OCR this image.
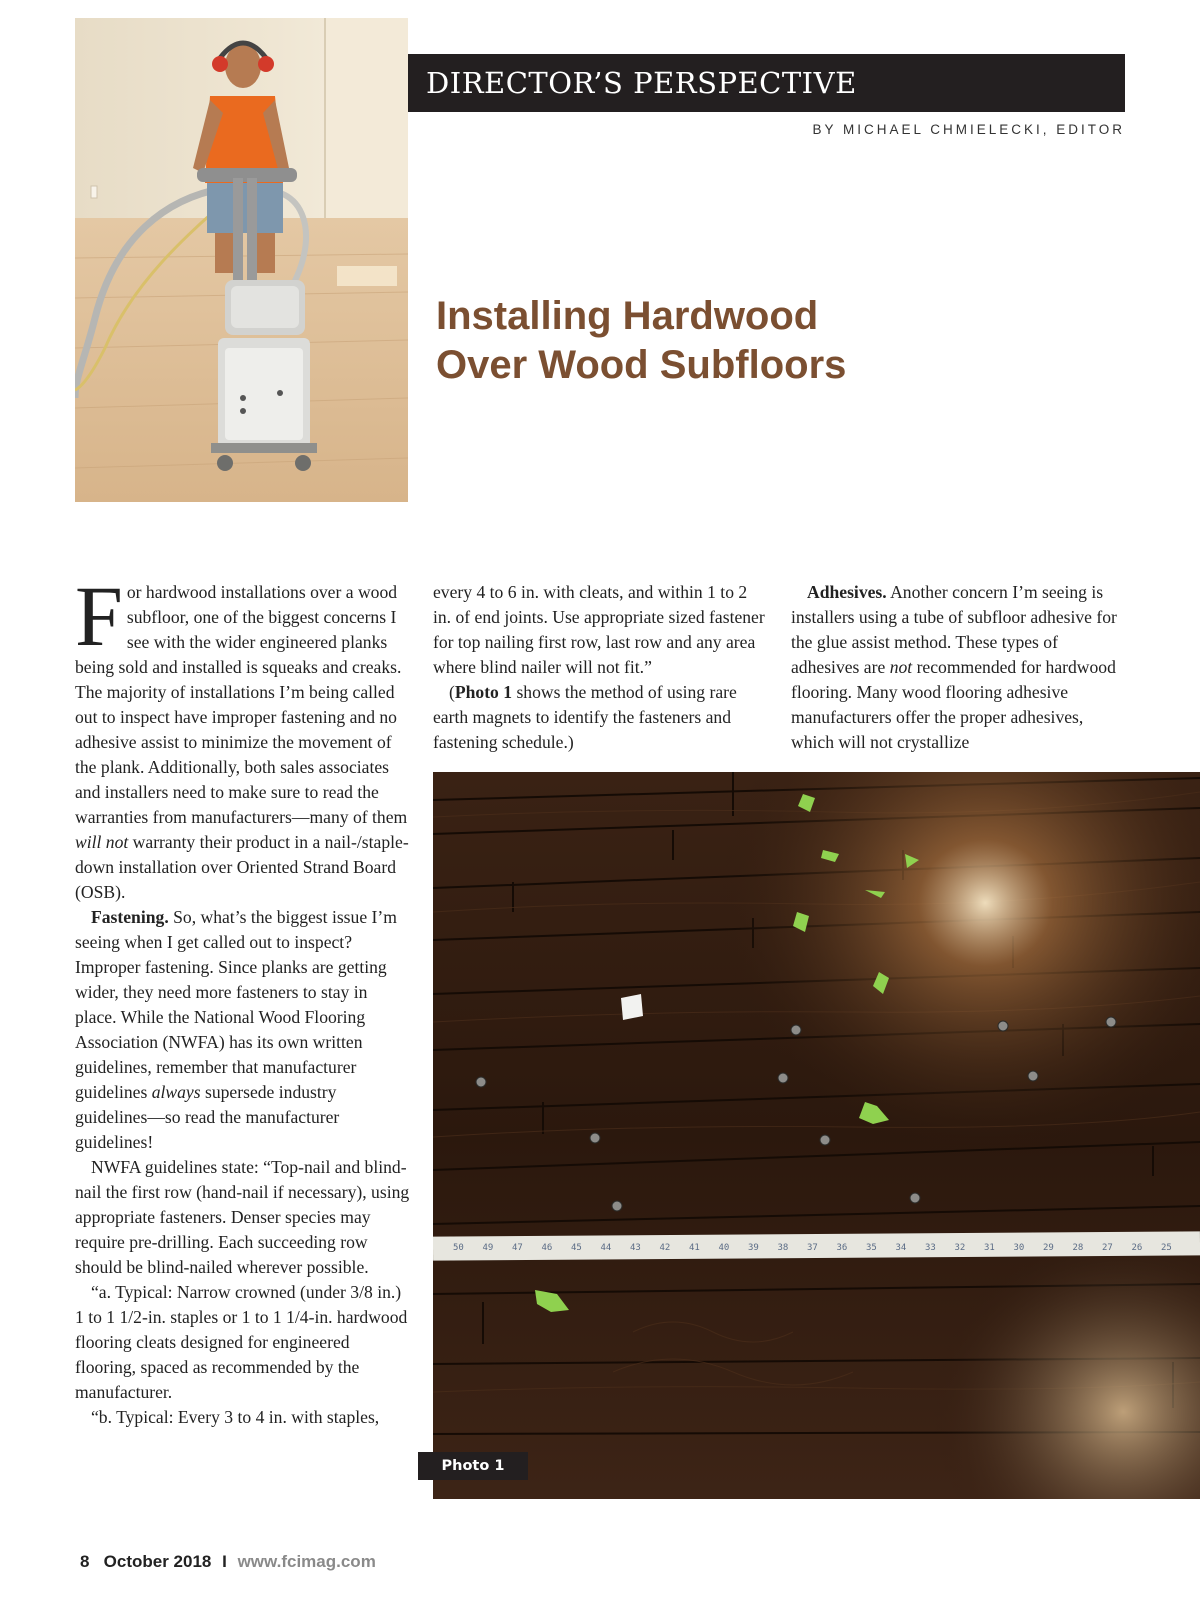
DIRECTOR’S PERSPECTIVE
BY MICHAEL CHMIELECKI, EDITOR
Installing Hardwood
Over Wood Subfloors

For hardwood installations over a wood subfloor, one of the biggest concerns I see with the wider engineered planks being sold and installed is squeaks and creaks. The majority of installations I’m being called out to inspect have improper fastening and no adhesive assist to minimize the movement of the plank. Additionally, both sales associates and installers need to make sure to read the warranties from manufacturers—many of them will not warranty their product in a nail-/staple-down installation over Oriented Strand Board (OSB).

Fastening. So, what’s the biggest issue I’m seeing when I get called out to inspect? Improper fastening. Since planks are getting wider, they need more fasteners to stay in place. While the National Wood Flooring Association (NWFA) has its own written guidelines, remember that manufacturer guidelines always supersede industry guidelines—so read the manufacturer guidelines!

NWFA guidelines state: “Top-nail and blind-nail the first row (hand-nail if necessary), using appropriate fasteners. Denser species may require pre-drilling. Each succeeding row should be blind-nailed wherever possible.

“a. Typical: Narrow crowned (under 3/8 in.) 1 to 1 1/2-in. staples or 1 to 1 1/4-in. hardwood flooring cleats designed for engineered flooring, spaced as recommended by the manufacturer.

“b. Typical: Every 3 to 4 in. with staples,

every 4 to 6 in. with cleats, and within 1 to 2 in. of end joints. Use appropriate sized fastener for top nailing first row, last row and any area where blind nailer will not fit.”

(Photo 1 shows the method of using rare earth magnets to identify the fasteners and fastening schedule.)

Adhesives. Another concern I’m seeing is installers using a tube of subfloor adhesive for the glue assist method. These types of adhesives are not recommended for hardwood flooring. Many wood flooring adhesive manufacturers offer the proper adhesives, which will not crystallize

50 49 47 46 45 44 43 42 41 40 39 38 37 36 35 34 33 32 31 30 29 28 27 26 25
Photo 1
8 October 2018 I www.fcimag.com
